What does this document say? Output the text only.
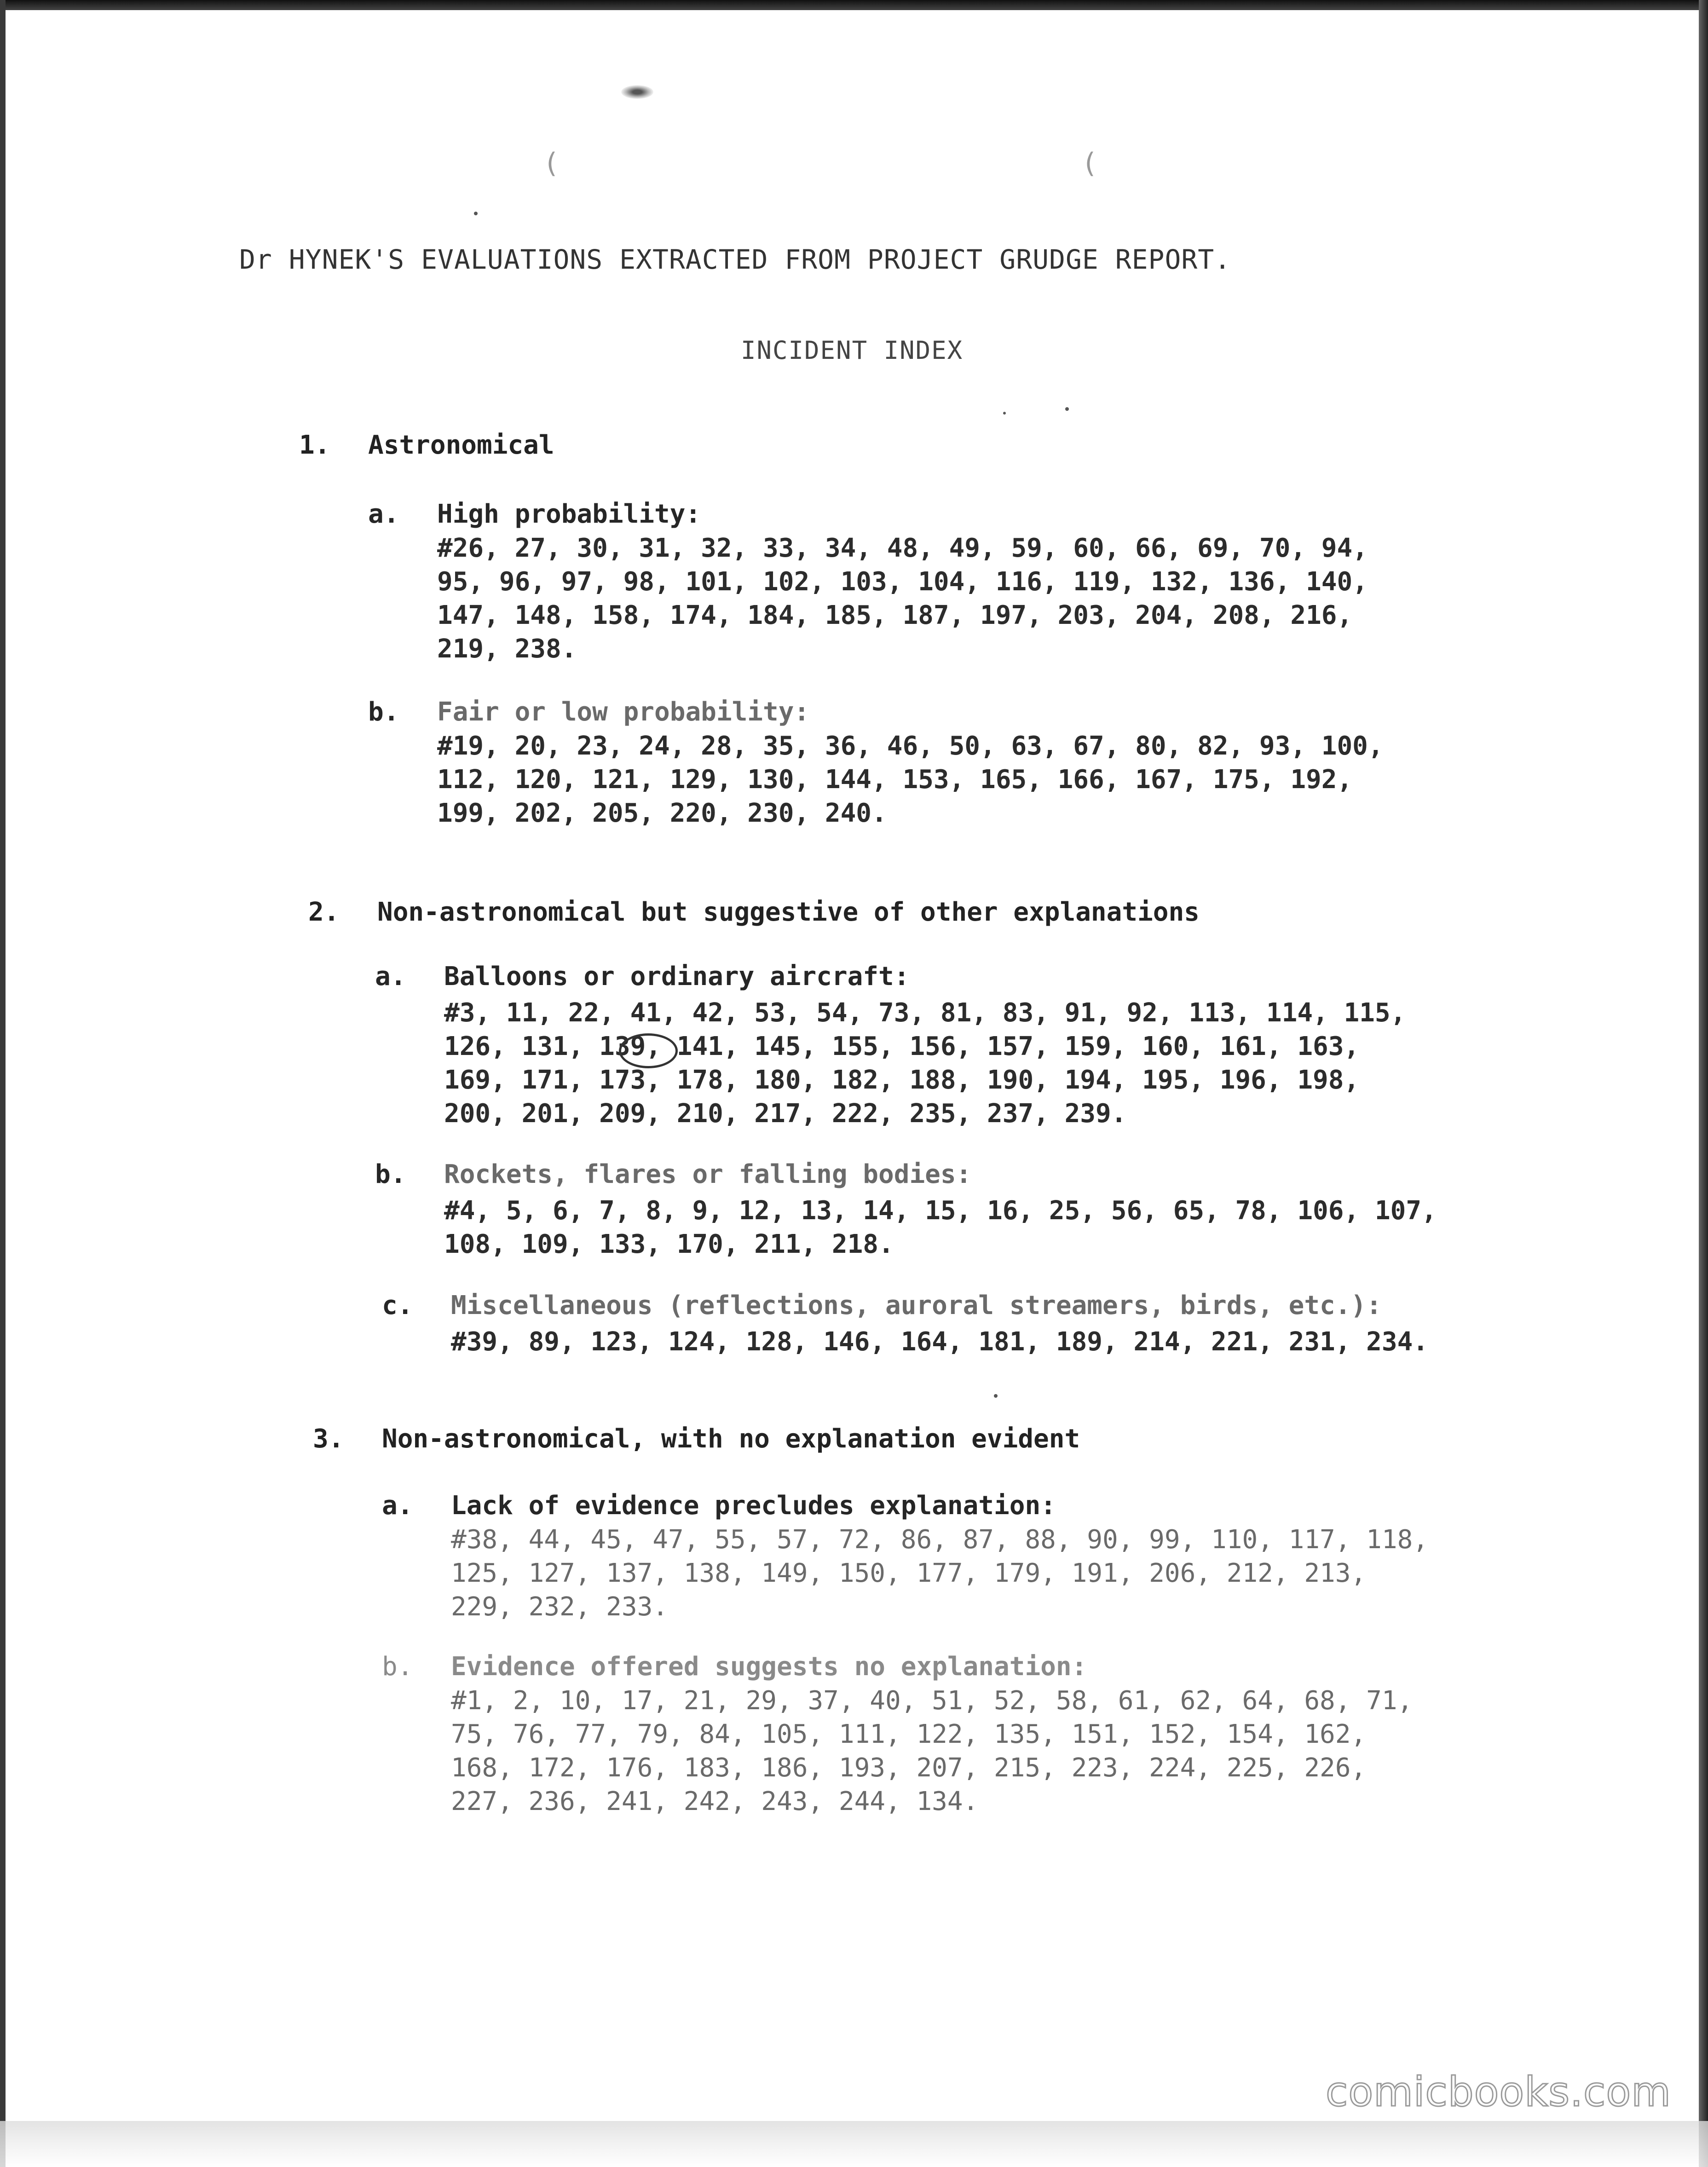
(	(
Dr HYNEK'S EVALUATIONS EXTRACTED FROM PROJECT GRUDGE REPORT.
INCIDENT INDEX
1. Astronomical
a. High probability:
#26, 27, 30, 31, 32, 33, 34, 48, 49, 59, 60, 66, 69, 70, 94,
95, 96, 97, 98, 101, 102, 103, 104, 116, 119, 132, 136, 140,
147, 148, 158, 174, 184, 185, 187, 197, 203, 204, 208, 216,
219, 238.
b. Fair or low probability:
#19, 20, 23, 24, 28, 35, 36, 46, 50, 63, 67, 80, 82, 93, 100,
112, 120, 121, 129, 130, 144, 153, 165, 166, 167, 175, 192,
199, 202, 205, 220, 230, 240.
2. Non-astronomical but suggestive of other explanations
a. Balloons or ordinary aircraft:
#3, 11, 22, 41, 42, 53, 54, 73, 81, 83, 91, 92, 113, 114, 115,
126, 131, 139, 141, 145, 155, 156, 157, 159, 160, 161, 163,
169, 171, 173, 178, 180, 182, 188, 190, 194, 195, 196, 198,
200, 201, 209, 210, 217, 222, 235, 237, 239.
b. Rockets, flares or falling bodies:
#4, 5, 6, 7, 8, 9, 12, 13, 14, 15, 16, 25, 56, 65, 78, 106, 107,
108, 109, 133, 170, 211, 218.
c. Miscellaneous (reflections, auroral streamers, birds, etc.):
#39, 89, 123, 124, 128, 146, 164, 181, 189, 214, 221, 231, 234.
3. Non-astronomical, with no explanation evident
a. Lack of evidence precludes explanation:
#38, 44, 45, 47, 55, 57, 72, 86, 87, 88, 90, 99, 110, 117, 118,
125, 127, 137, 138, 149, 150, 177, 179, 191, 206, 212, 213,
229, 232, 233.
b. Evidence offered suggests no explanation:
#1, 2, 10, 17, 21, 29, 37, 40, 51, 52, 58, 61, 62, 64, 68, 71,
75, 76, 77, 79, 84, 105, 111, 122, 135, 151, 152, 154, 162,
168, 172, 176, 183, 186, 193, 207, 215, 223, 224, 225, 226,
227, 236, 241, 242, 243, 244, 134.
comicbooks.com
